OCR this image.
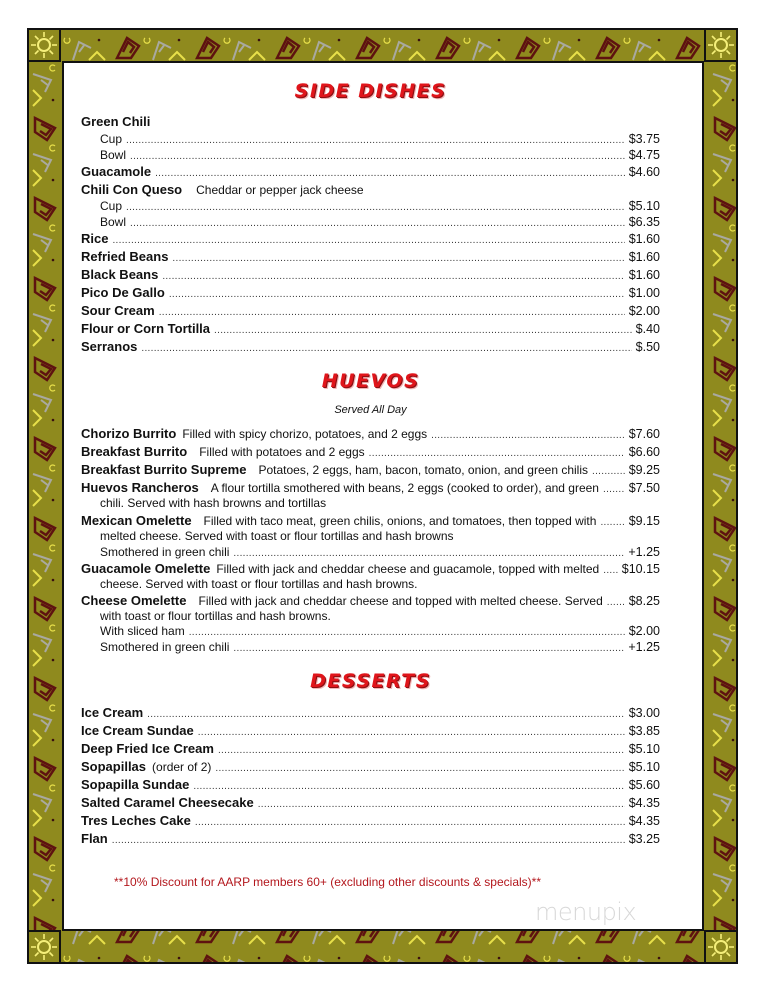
SIDE DISHES
Green Chili
Cup .....	$3.75
Bowl .....	$4.75
Guacamole .....	$4.60
Chili Con Queso Cheddar or pepper jack cheese
Cup .....	$5.10
Bowl .....	$6.35
Rice .....	$1.60
Refried Beans .....	$1.60
Black Beans .....	$1.60
Pico De Gallo .....	$1.00
Sour Cream .....	$2.00
Flour or Corn Tortilla .....	$.40
Serranos .....	$.50
HUEVOS
Served All Day
Chorizo Burrito Filled with spicy chorizo, potatoes, and 2 eggs .....	$7.60
Breakfast Burrito Filled with potatoes and 2 eggs .....	$6.60
Breakfast Burrito Supreme Potatoes, 2 eggs, ham, bacon, tomato, onion, and green chilis .....	$9.25
Huevos Rancheros A flour tortilla smothered with beans, 2 eggs (cooked to order), and green ..... $7.50
chili. Served with hash browns and tortillas
Mexican Omelette Filled with taco meat, green chilis, onions, and tomatoes, then topped with .....	$9.15
melted cheese. Served with toast or flour tortillas and hash browns
Smothered in green chili .....	+1.25
Guacamole Omelette Filled with jack and cheddar cheese and guacamole, topped with melted ..... $10.15
cheese. Served with toast or flour tortillas and hash browns.
Cheese Omelette Filled with jack and cheddar cheese and topped with melted cheese. Served ..... $8.25
with toast or flour tortillas and hash browns.
With sliced ham .....	$2.00
Smothered in green chili .....	+1.25
DESSERTS
Ice Cream .....	$3.00
Ice Cream Sundae .....	$3.85
Deep Fried Ice Cream .....	$5.10
Sopapillas (order of 2) .....	$5.10
Sopapilla Sundae .....	$5.60
Salted Caramel Cheesecake .....	$4.35
Tres Leches Cake .....	$4.35
Flan .....	$3.25
**10% Discount for AARP members 60+ (excluding other discounts & specials)**
menupix
